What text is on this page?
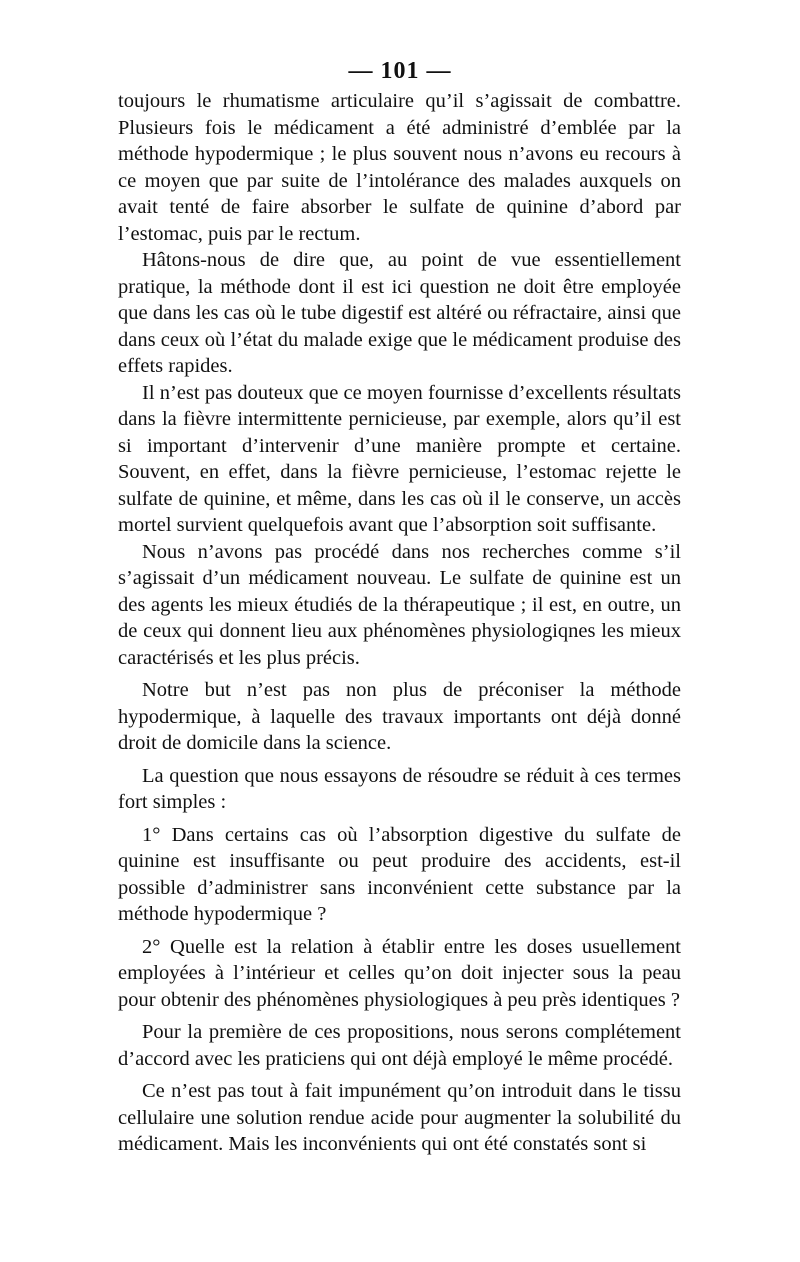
— 101 —

toujours le rhumatisme articulaire qu’il s’agissait de combattre. Plusieurs fois le médicament a été administré d’emblée par la méthode hypodermique ; le plus souvent nous n’avons eu recours à ce moyen que par suite de l’intolérance des malades auxquels on avait tenté de faire absorber le sulfate de quinine d’abord par l’estomac, puis par le rectum.

Hâtons-nous de dire que, au point de vue essentiellement pratique, la méthode dont il est ici question ne doit être employée que dans les cas où le tube digestif est altéré ou réfractaire, ainsi que dans ceux où l’état du malade exige que le médicament produise des effets rapides.

Il n’est pas douteux que ce moyen fournisse d’excellents résultats dans la fièvre intermittente pernicieuse, par exemple, alors qu’il est si important d’intervenir d’une manière prompte et certaine. Souvent, en effet, dans la fièvre pernicieuse, l’estomac rejette le sulfate de quinine, et même, dans les cas où il le conserve, un accès mortel survient quelquefois avant que l’absorption soit suffisante.

Nous n’avons pas procédé dans nos recherches comme s’il s’agissait d’un médicament nouveau. Le sulfate de quinine est un des agents les mieux étudiés de la thérapeutique ; il est, en outre, un de ceux qui donnent lieu aux phénomènes physiologiqnes les mieux caractérisés et les plus précis.

Notre but n’est pas non plus de préconiser la méthode hypodermique, à laquelle des travaux importants ont déjà donné droit de domicile dans la science.

La question que nous essayons de résoudre se réduit à ces termes fort simples :

1° Dans certains cas où l’absorption digestive du sulfate de quinine est insuffisante ou peut produire des accidents, est-il possible d’administrer sans inconvénient cette substance par la méthode hypodermique ?

2° Quelle est la relation à établir entre les doses usuellement employées à l’intérieur et celles qu’on doit injecter sous la peau pour obtenir des phénomènes physiologiques à peu près identiques ?

Pour la première de ces propositions, nous serons complétement d’accord avec les praticiens qui ont déjà employé le même procédé.

Ce n’est pas tout à fait impunément qu’on introduit dans le tissu cellulaire une solution rendue acide pour augmenter la solubilité du médicament. Mais les inconvénients qui ont été constatés sont si
